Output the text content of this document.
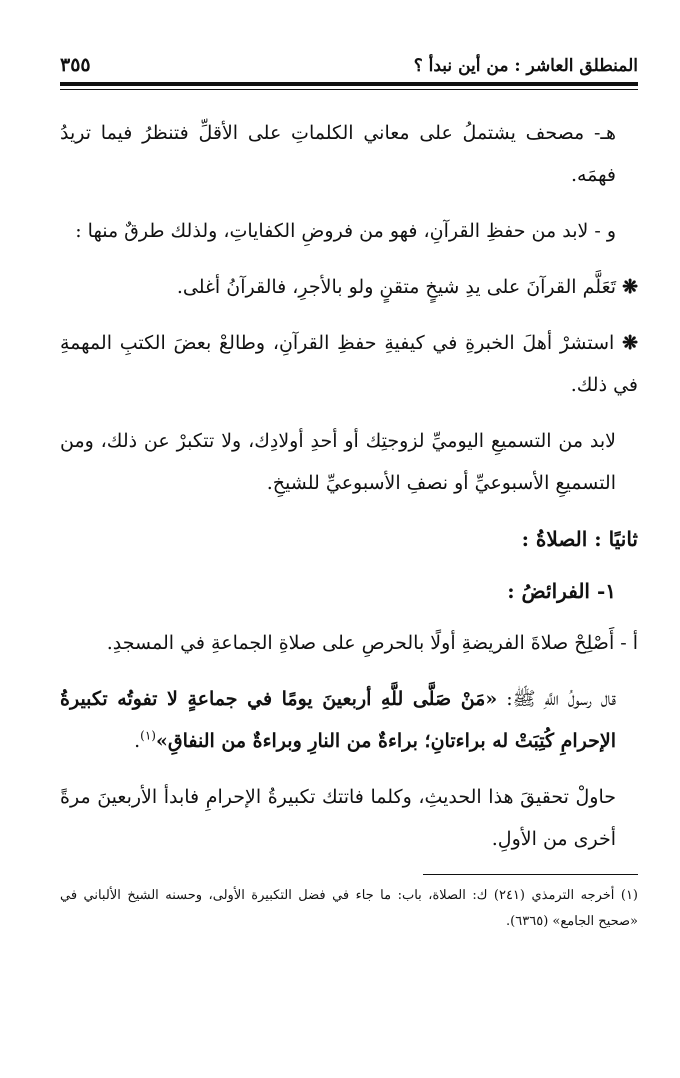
المنطلق العاشر : من أين نبدأ ؟
٣٥٥

هـ- مصحف يشتملُ على معاني الكلماتِ على الأقلِّ فتنظرُ فيما تريدُ فهمَه.

و - لابد من حفظِ القرآنِ، فهو من فروضِ الكفاياتِ، ولذلك طرقٌ منها :

❋ تَعَلَّم القرآنَ على يدِ شيخٍ متقنٍ ولو بالأجرِ، فالقرآنُ أغلى.

❋ استشرْ أهلَ الخبرةِ في كيفيةِ حفظِ القرآنِ، وطالعْ بعضَ الكتبِ المهمةِ في ذلك.

لابد من التسميعِ اليوميِّ لزوجتِك أو أحدِ أولادِك، ولا تتكبرْ عن ذلك، ومن التسميعِ الأسبوعيِّ أو نصفِ الأسبوعيِّ للشيخِ.

ثانيًا : الصلاةُ :
١- الفرائضُ :

أ - أَصْلِحْ صلاةَ الفريضةِ أولًا بالحرصِ على صلاةِ الجماعةِ في المسجدِ.

قال رسولُ اللَّهِ ﷺ: «مَنْ صَلَّى للَّهِ أربعينَ يومًا في جماعةٍ لا تفوتُه تكبيرةُ الإحرامِ كُتِبَتْ له براءتانِ؛ براءةٌ من النارِ وبراءةٌ من النفاقِ»$^{(١)}$.

حاولْ تحقيقَ هذا الحديثِ، وكلما فاتتك تكبيرةُ الإحرامِ فابدأ الأربعينَ مرةً أخرى من الأولِ.

(١) أخرجه الترمذي (٢٤١) ك: الصلاة، باب: ما جاء في فضل التكبيرة الأولى، وحسنه الشيخ الألباني في «صحيح الجامع» (٦٣٦٥).
